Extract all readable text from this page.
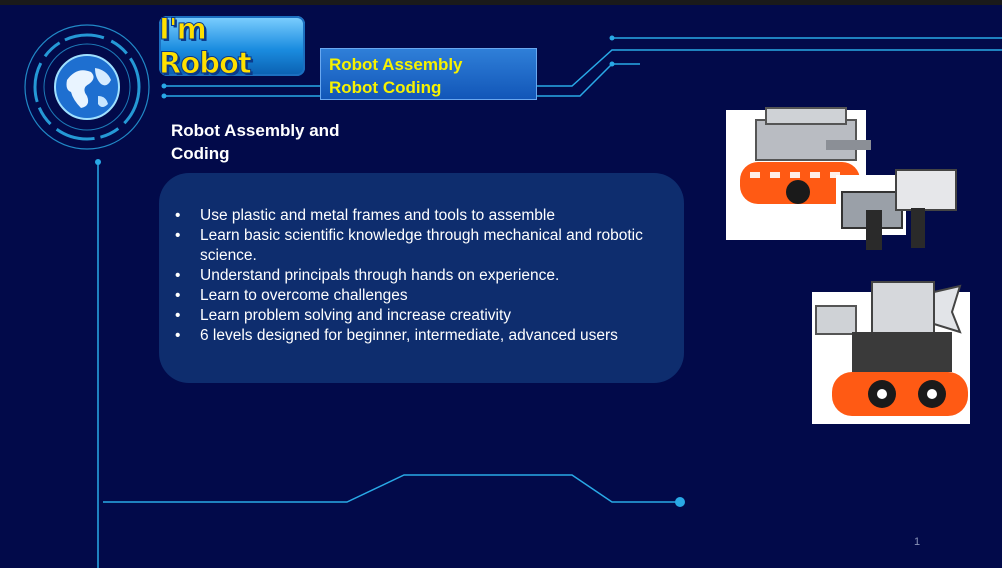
I'm Robot	Robot Assembly
Robot Coding
Robot Assembly and Coding
• Use plastic and metal frames and tools to assemble
• Learn basic scientific knowledge through mechanical and robotic science.
• Understand principals through hands on experience.
• Learn to overcome challenges
• Learn problem solving and increase creativity
• 6 levels designed for beginner, intermediate, advanced users
1
